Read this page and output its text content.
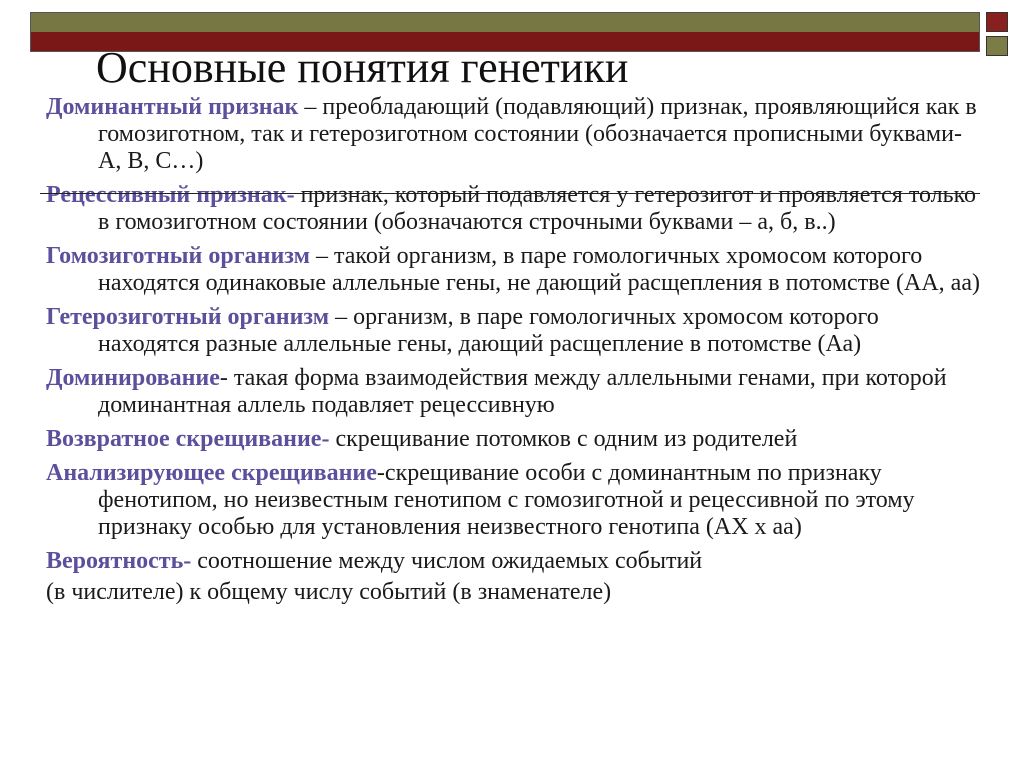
Основные понятия генетики

Доминантный признак – преобладающий (подавляющий) признак, проявляющийся как в гомозиготном, так и гетерозиготном состоянии (обозначается прописными буквами- А, В, С…)

Рецессивный признак- признак, который подавляется у гетерозигот и проявляется только в гомозиготном состоянии (обозначаются строчными буквами – а, б, в..)

Гомозиготный организм – такой организм, в паре гомологичных хромосом которого находятся одинаковые аллельные гены, не дающий расщепления в потомстве (АА, аа)

Гетерозиготный организм – организм, в паре гомологичных хромосом которого находятся разные аллельные гены, дающий расщепление в потомстве (Аа)

Доминирование- такая форма взаимодействия между аллельными генами, при которой доминантная аллель подавляет рецессивную

Возвратное скрещивание- скрещивание потомков с одним из родителей

Анализирующее скрещивание-скрещивание особи с доминантным по признаку фенотипом, но неизвестным генотипом с гомозиготной и рецессивной по этому признаку особью для установления неизвестного генотипа (АХ х аа)

Вероятность- соотношение между числом ожидаемых событий

(в числителе) к общему числу событий (в знаменателе)
